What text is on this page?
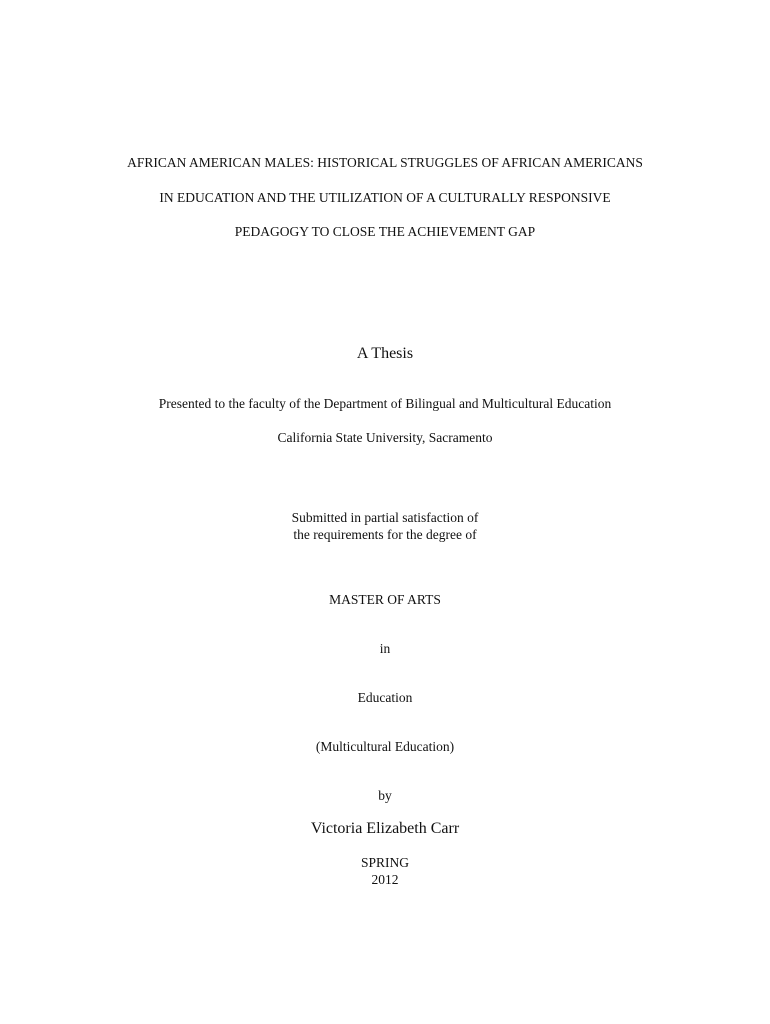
AFRICAN AMERICAN MALES: HISTORICAL STRUGGLES OF AFRICAN AMERICANS
IN EDUCATION AND THE UTILIZATION OF A CULTURALLY RESPONSIVE
PEDAGOGY TO CLOSE THE ACHIEVEMENT GAP
A Thesis
Presented to the faculty of the Department of Bilingual and Multicultural Education
California State University, Sacramento
Submitted in partial satisfaction of
the requirements for the degree of
MASTER OF ARTS
in
Education
(Multicultural Education)
by
Victoria Elizabeth Carr
SPRING
2012
